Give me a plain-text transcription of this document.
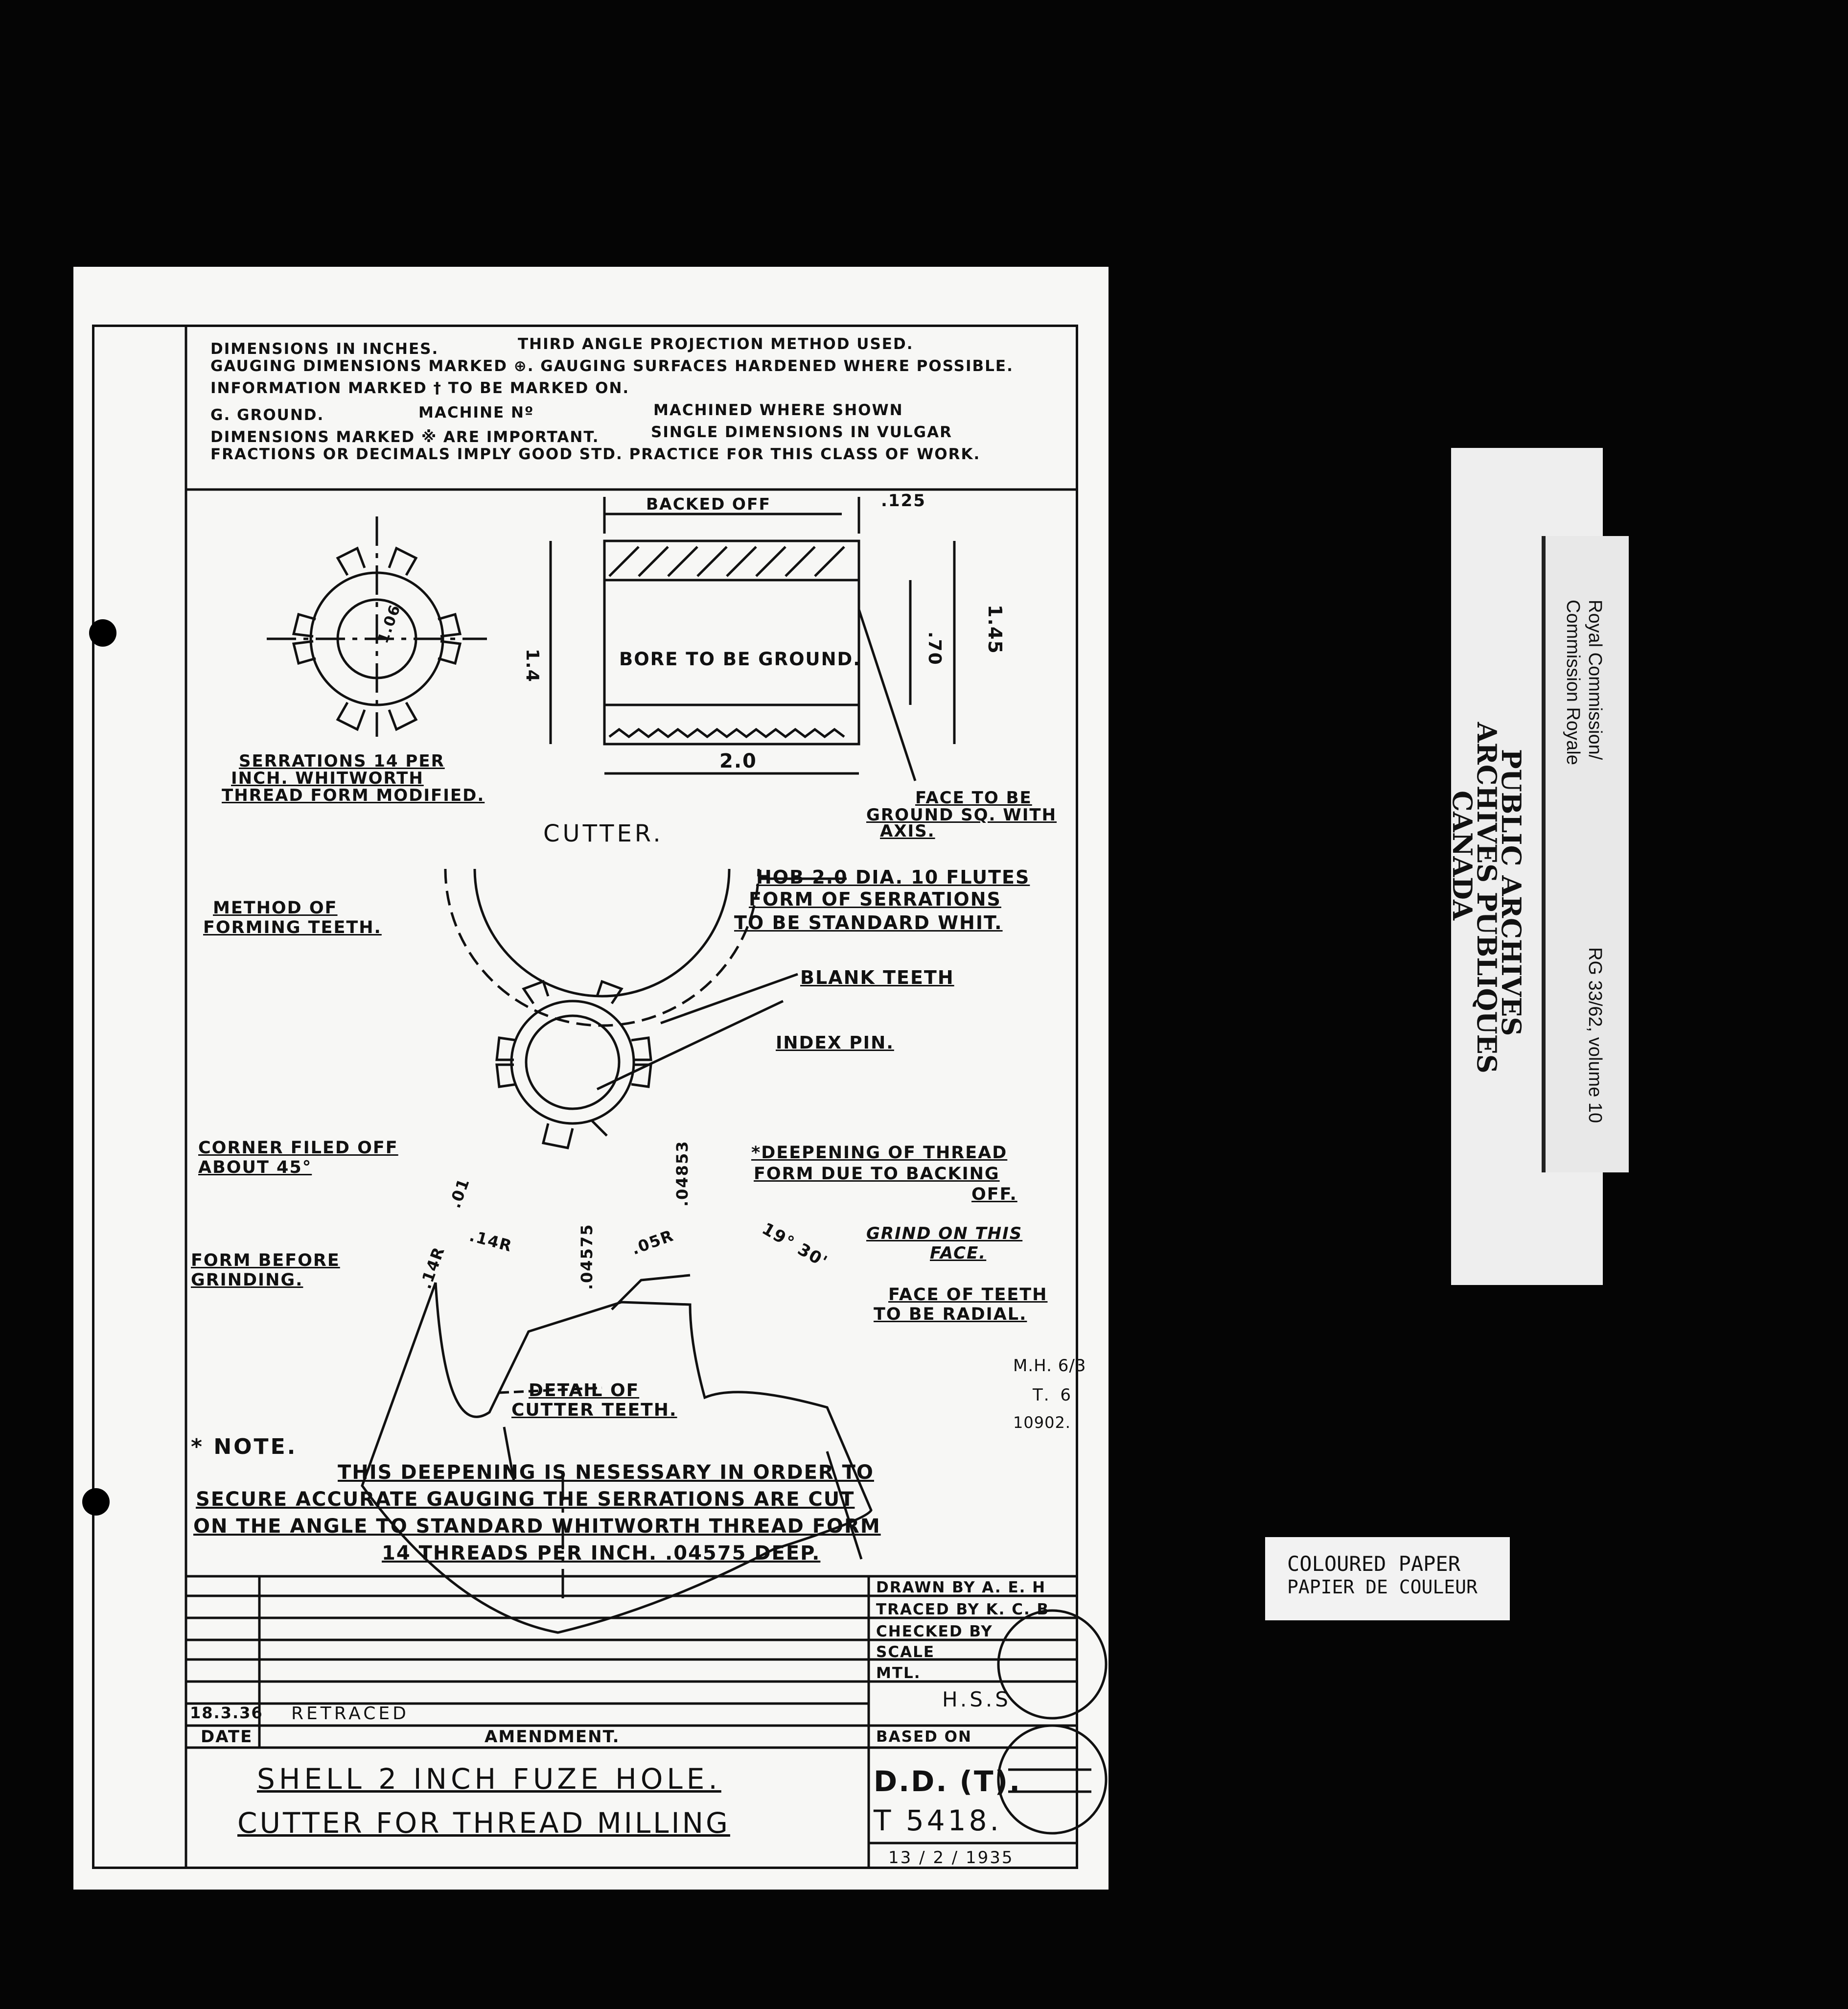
DIMENSIONS IN INCHES.	THIRD ANGLE PROJECTION METHOD USED.
GAUGING DIMENSIONS MARKED ⊕. GAUGING SURFACES HARDENED WHERE POSSIBLE.
INFORMATION MARKED † TO BE MARKED ON.
G. GROUND.	MACHINE Nº	MACHINED WHERE SHOWN
DIMENSIONS MARKED ※ ARE IMPORTANT.	SINGLE DIMENSIONS IN VULGAR
FRACTIONS OR DECIMALS IMPLY GOOD STD. PRACTICE FOR THIS CLASS OF WORK.
1.06
SERRATIONS 14 PER
INCH. WHITWORTH
THREAD FORM MODIFIED.
BACKED OFF	.125
1.4
.70 1.45
BORE TO BE GROUND.
2.0
FACE TO BE
GROUND SQ. WITH
AXIS.
CUTTER.
METHOD OF
FORMING TEETH.
HOB 2.0 DIA. 10 FLUTES
FORM OF SERRATIONS
TO BE STANDARD WHIT.
BLANK TEETH
INDEX PIN.
.04853
CORNER FILED OFF
ABOUT 45°
*DEEPENING OF THREAD
FORM DUE TO BACKING
OFF.
.01
.14R
.14R	.04575 .05R	19° 30' GRIND ON THIS
FACE.
FORM BEFORE
GRINDING.
FACE OF TEETH
TO BE RADIAL.
DETAIL OF
CUTTER TEETH.
M.H. 6/3
T. 6
10902.
* NOTE.
THIS DEEPENING IS NESESSARY IN ORDER TO
SECURE ACCURATE GAUGING THE SERRATIONS ARE CUT
ON THE ANGLE TO STANDARD WHITWORTH THREAD FORM
14 THREADS PER INCH. .04575 DEEP.
DRAWN BY A. E. H
TRACED BY K. C. B
CHECKED BY
SCALE
MTL.
H.S.S
BASED ON
18.3.36 RETRACED
DATE	AMENDMENT.
SHELL 2 INCH FUZE HOLE.
CUTTER FOR THREAD MILLING
D.D. (T).
T 5418.
13 / 2 / 1935
Royal Commission/
Commission Royale
PUBLIC ARCHIVES
ARCHIVES PUBLIQUES
CANADA
RG 33/62, volume 10
COLOURED PAPER
PAPIER DE COULEUR
